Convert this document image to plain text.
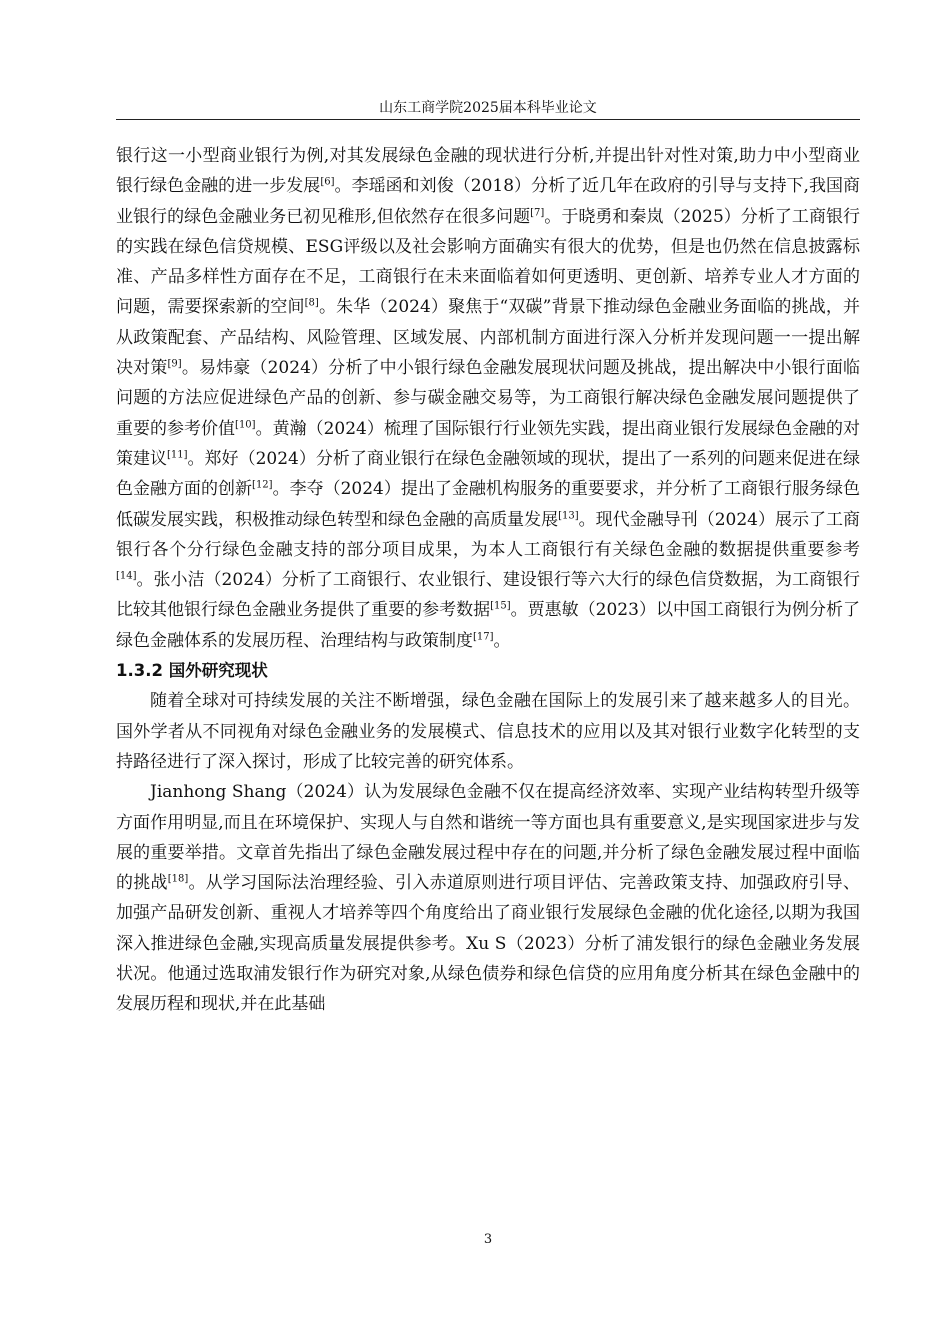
山东工商学院2025届本科毕业论文

银行这一小型商业银行为例,对其发展绿色金融的现状进行分析,并提出针对性对策,助力中小型商业银行绿色金融的进一步发展[6]。李瑶函和刘俊（2018）分析了近几年在政府的引导与支持下,我国商业银行的绿色金融业务已初见稚形,但依然存在很多问题[7]。于晓勇和秦岚（2025）分析了工商银行的实践在绿色信贷规模、ESG评级以及社会影响方面确实有很大的优势，但是也仍然在信息披露标准、产品多样性方面存在不足，工商银行在未来面临着如何更透明、更创新、培养专业人才方面的问题，需要探索新的空间[8]。朱华（2024）聚焦于“双碳”背景下推动绿色金融业务面临的挑战，并从政策配套、产品结构、风险管理、区域发展、内部机制方面进行深入分析并发现问题一一提出解决对策[9]。易炜豪（2024）分析了中小银行绿色金融发展现状问题及挑战，提出解决中小银行面临问题的方法应促进绿色产品的创新、参与碳金融交易等，为工商银行解决绿色金融发展问题提供了重要的参考价值[10]。黄瀚（2024）梳理了国际银行行业领先实践，提出商业银行发展绿色金融的对策建议[11]。郑好（2024）分析了商业银行在绿色金融领域的现状，提出了一系列的问题来促进在绿色金融方面的创新[12]。李夺（2024）提出了金融机构服务的重要要求，并分析了工商银行服务绿色低碳发展实践，积极推动绿色转型和绿色金融的高质量发展[13]。现代金融导刊（2024）展示了工商银行各个分行绿色金融支持的部分项目成果，为本人工商银行有关绿色金融的数据提供重要参考[14]。张小洁（2024）分析了工商银行、农业银行、建设银行等六大行的绿色信贷数据，为工商银行比较其他银行绿色金融业务提供了重要的参考数据[15]。贾惠敏（2023）以中国工商银行为例分析了绿色金融体系的发展历程、治理结构与政策制度[17]。

1.3.2 国外研究现状

随着全球对可持续发展的关注不断增强，绿色金融在国际上的发展引来了越来越多人的目光。国外学者从不同视角对绿色金融业务的发展模式、信息技术的应用以及其对银行业数字化转型的支持路径进行了深入探讨，形成了比较完善的研究体系。

Jianhong Shang（2024）认为发展绿色金融不仅在提高经济效率、实现产业结构转型升级等方面作用明显,而且在环境保护、实现人与自然和谐统一等方面也具有重要意义,是实现国家进步与发展的重要举措。文章首先指出了绿色金融发展过程中存在的问题,并分析了绿色金融发展过程中面临的挑战[18]。从学习国际法治理经验、引入赤道原则进行项目评估、完善政策支持、加强政府引导、加强产品研发创新、重视人才培养等四个角度给出了商业银行发展绿色金融的优化途径,以期为我国深入推进绿色金融,实现高质量发展提供参考。Xu S（2023）分析了浦发银行的绿色金融业务发展状况。他通过选取浦发银行作为研究对象,从绿色债券和绿色信贷的应用角度分析其在绿色金融中的发展历程和现状,并在此基础

3
